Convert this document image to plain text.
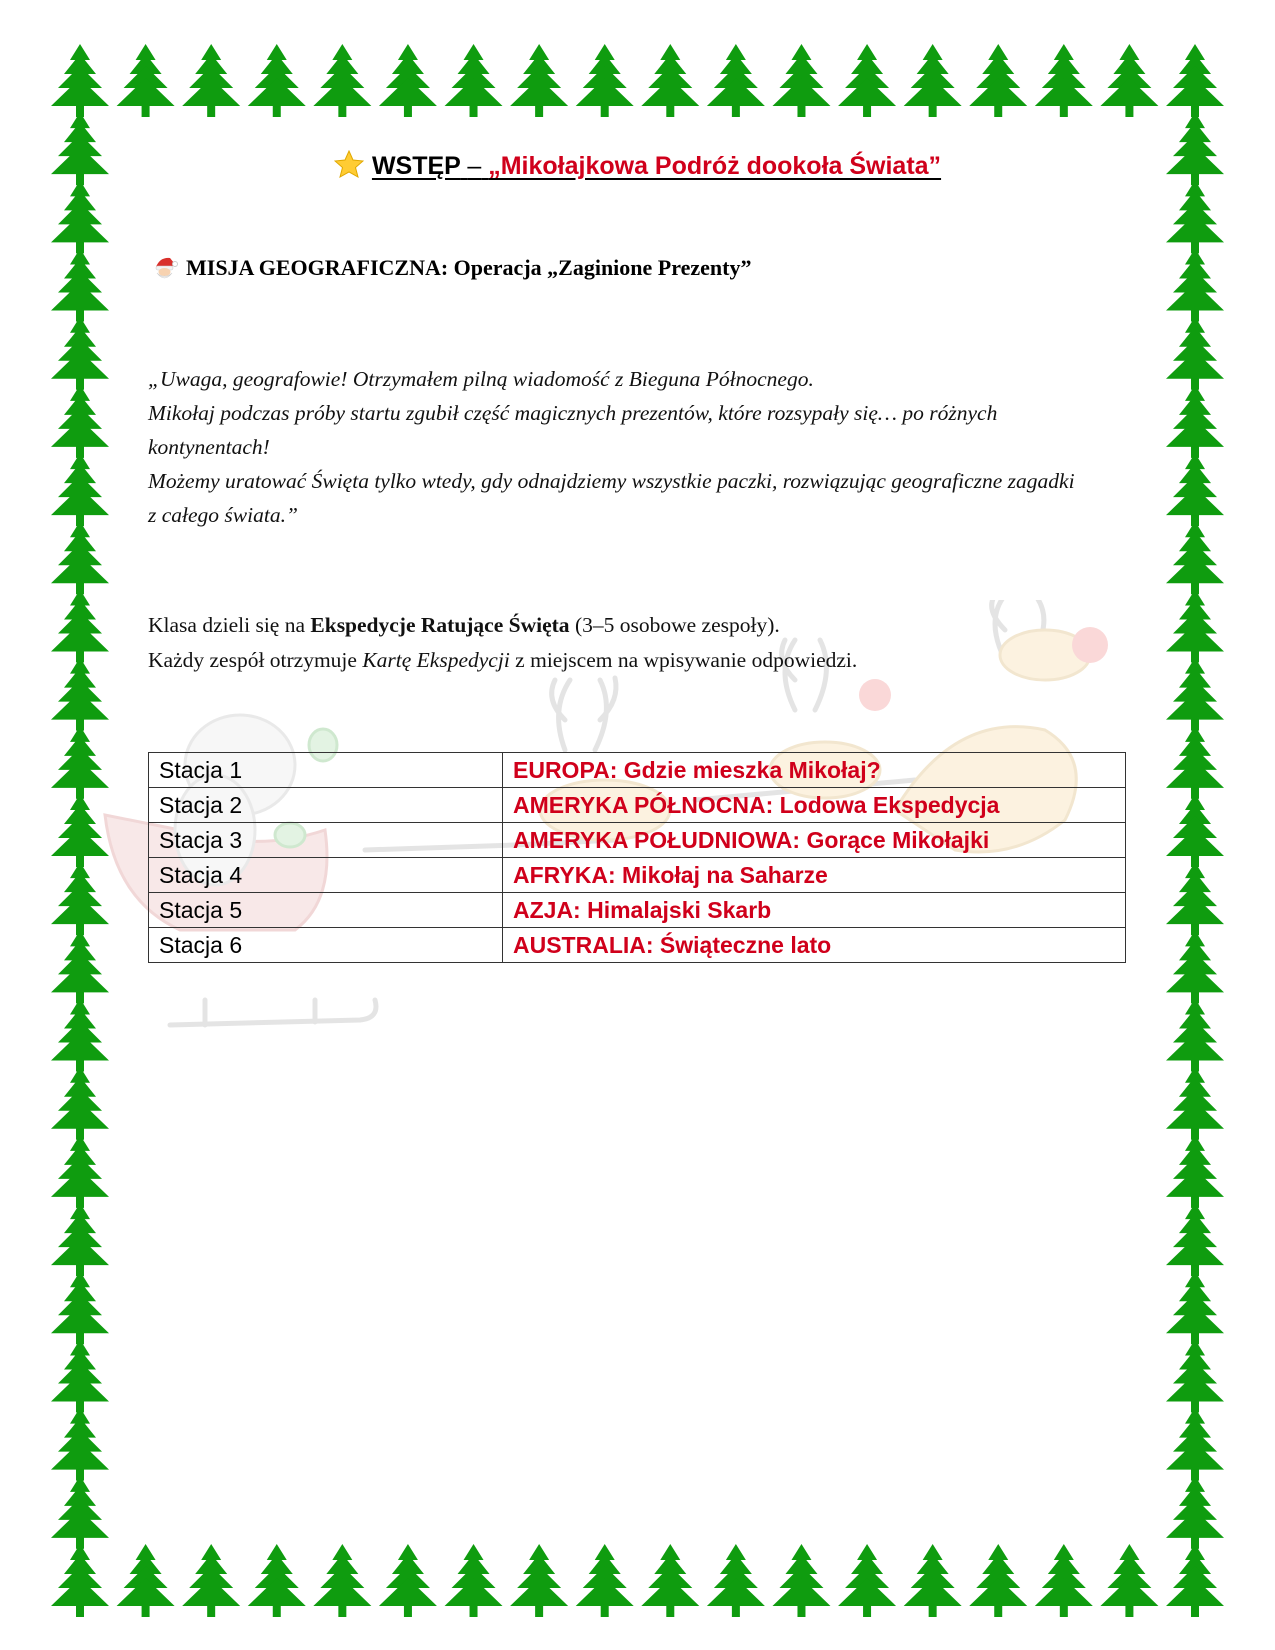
WSTĘP – „Mikołajkowa Podróż dookoła Świata”
MISJA GEOGRAFICZNA: Operacja „Zaginione Prezenty”

„Uwaga, geografowie! Otrzymałem pilną wiadomość z Bieguna Północnego.

Mikołaj podczas próby startu zgubił część magicznych prezentów, które rozsypały się… po różnych kontynentach!

Możemy uratować Święta tylko wtedy, gdy odnajdziemy wszystkie paczki, rozwiązując geograficzne zagadki z całego świata.”

Klasa dzieli się na Ekspedycje Ratujące Święta (3–5 osobowe zespoły).

Każdy zespół otrzymuje Kartę Ekspedycji z miejscem na wpisywanie odpowiedzi.

Stacja 1	EUROPA: Gdzie mieszka Mikołaj?
Stacja 2	AMERYKA PÓŁNOCNA: Lodowa Ekspedycja
Stacja 3	AMERYKA POŁUDNIOWA: Gorące Mikołajki
Stacja 4	AFRYKA: Mikołaj na Saharze
Stacja 5	AZJA: Himalajski Skarb
Stacja 6	AUSTRALIA: Świąteczne lato
